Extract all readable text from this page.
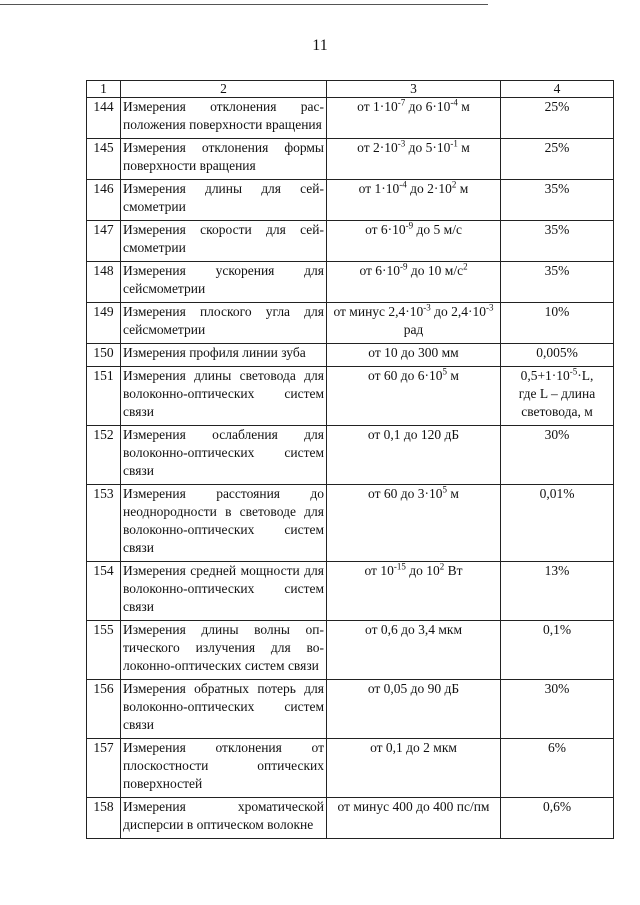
11
1	2	3	4
144	Измерения отклонения расположения поверхности вращения	от $1\cdot 10^{-7}$ до $6\cdot 10^{-4}$ м	25%
145	Измерения отклонения формы поверхности вращения	от $2\cdot 10^{-3}$ до $5\cdot 10^{-1}$ м	25%
146	Измерения длины для сейсмометрии	от $1\cdot 10^{-4}$ до $2\cdot 10^2$ м	35%
147	Измерения скорости для сейсмометрии	от $6\cdot 10^{-9}$ до 5 м/с	35%
148	Измерения ускорения для сейсмометрии	от $6\cdot 10^{-9}$ до 10 $м/с^2$	35%
149	Измерения плоского угла для сейсмометрии	от минус $2,4\cdot 10^{-3}$ до $2,4\cdot 10^{-3}$ рад	10%
150	Измерения профиля линии зуба	от 10 до 300 мм	0,005%
151	Измерения длины световода для волоконно-оптических систем связи	от 60 до $6\cdot 10^5$ м	$0,5+1\cdot 10^{-5}\cdot L$,
где L – длина световода, м
152	Измерения ослабления для волоконно-оптических систем связи	от 0,1 до 120 дБ	30%
153	Измерения расстояния до неоднородности в световоде для волоконно-оптических систем связи	от 60 до $3\cdot 10^5$ м	0,01%
154	Измерения средней мощности для волоконно-оптических систем связи	от $10^{-15}$ до $10^2$ Вт	13%
155	Измерения длины волны оптического излучения для волоконно-оптических систем связи	от 0,6 до 3,4 мкм	0,1%
156	Измерения обратных потерь для волоконно-оптических систем связи	от 0,05 до 90 дБ	30%
157	Измерения отклонения от плоскостности оптических поверхностей	от 0,1 до 2 мкм	6%
158	Измерения хроматической дисперсии в оптическом волокне	от минус 400 до 400 пс/пм	0,6%
